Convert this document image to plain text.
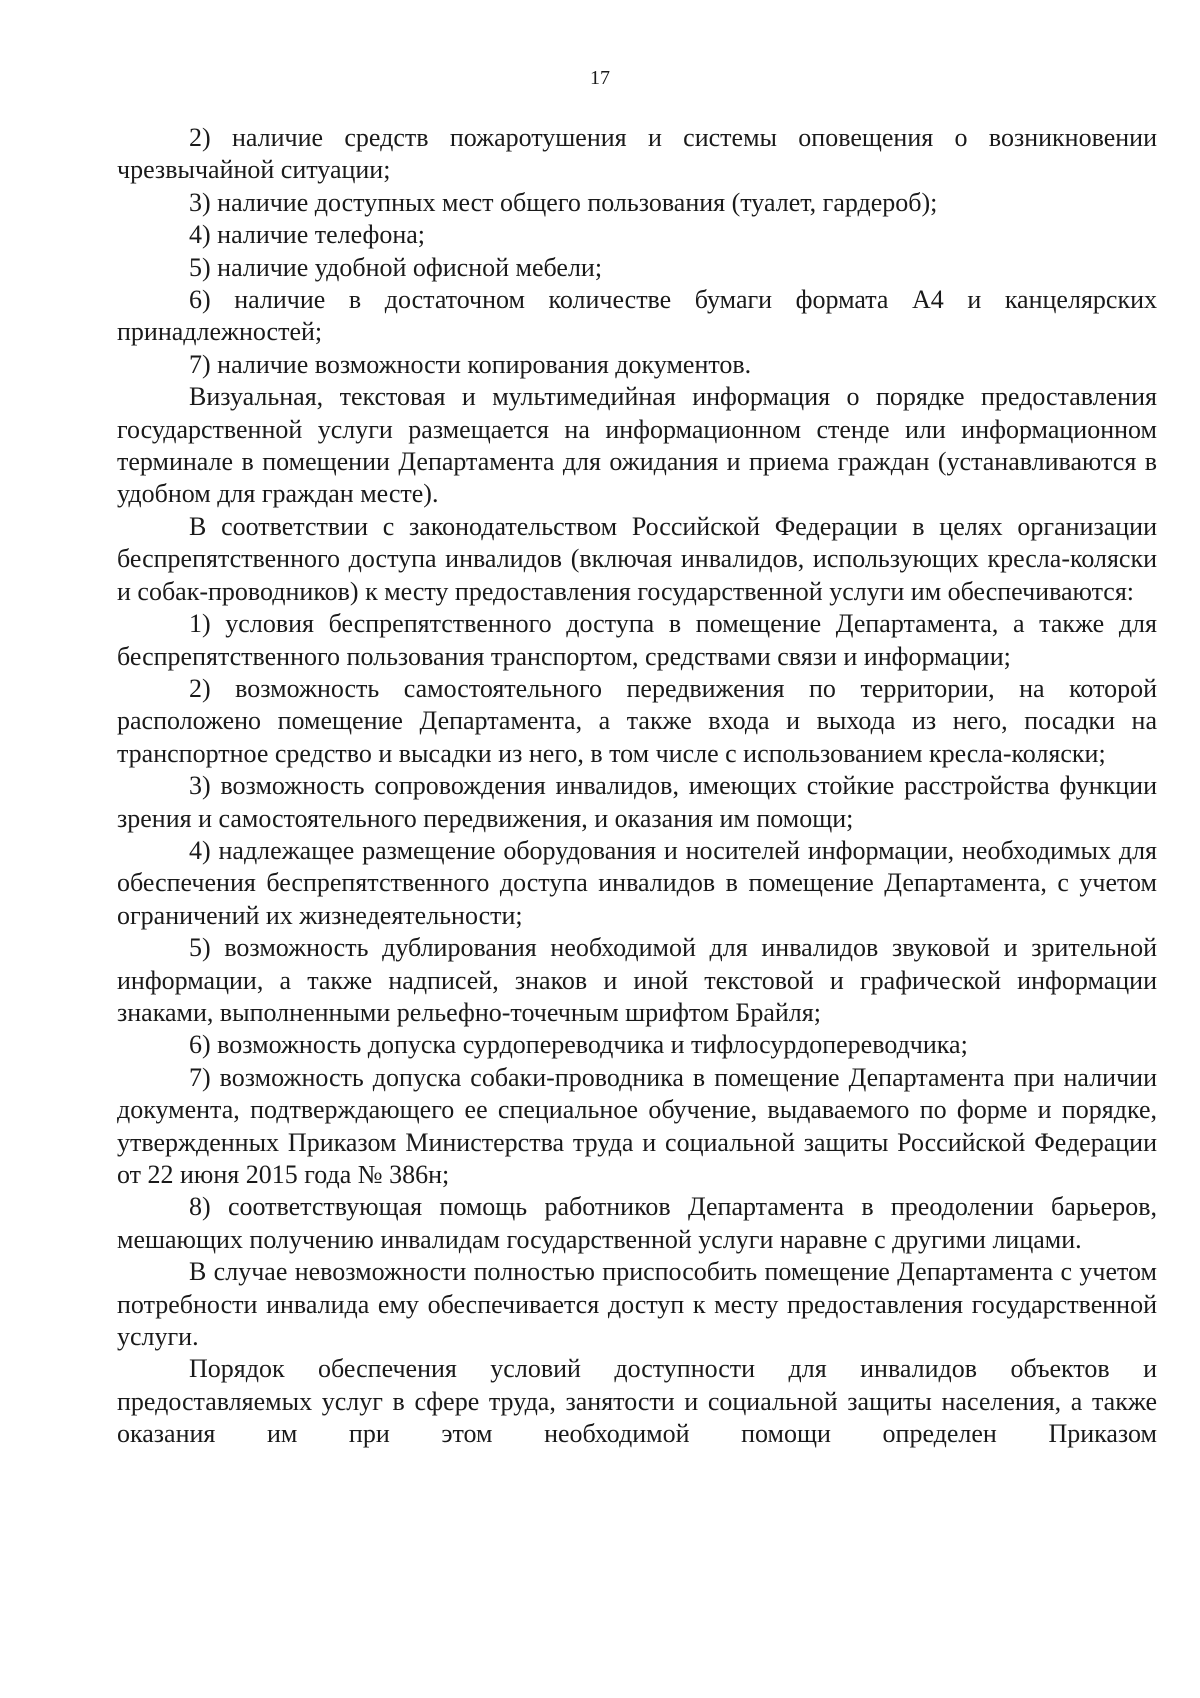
17

2) наличие средств пожаротушения и системы оповещения о возникновении чрезвычайной ситуации;

3) наличие доступных мест общего пользования (туалет, гардероб);

4) наличие телефона;

5) наличие удобной офисной мебели;

6) наличие в достаточном количестве бумаги формата А4 и канцелярских принадлежностей;

7) наличие возможности копирования документов.

Визуальная, текстовая и мультимедийная информация о порядке предоставления государственной услуги размещается на информационном стенде или информационном терминале в помещении Департамента для ожидания и приема граждан (устанавливаются в удобном для граждан месте).

В соответствии с законодательством Российской Федерации в целях организации беспрепятственного доступа инвалидов (включая инвалидов, использующих кресла-коляски и собак-проводников) к месту предоставления государственной услуги им обеспечиваются:

1) условия беспрепятственного доступа в помещение Департамента, а также для беспрепятственного пользования транспортом, средствами связи и информации;

2) возможность самостоятельного передвижения по территории, на которой расположено помещение Департамента, а также входа и выхода из него, посадки на транспортное средство и высадки из него, в том числе с использованием кресла-коляски;

3) возможность сопровождения инвалидов, имеющих стойкие расстройства функции зрения и самостоятельного передвижения, и оказания им помощи;

4) надлежащее размещение оборудования и носителей информации, необходимых для обеспечения беспрепятственного доступа инвалидов в помещение Департамента, с учетом ограничений их жизнедеятельности;

5) возможность дублирования необходимой для инвалидов звуковой и зрительной информации, а также надписей, знаков и иной текстовой и графической информации знаками, выполненными рельефно-точечным шрифтом Брайля;

6) возможность допуска сурдопереводчика и тифлосурдопереводчика;

7) возможность допуска собаки-проводника в помещение Департамента при наличии документа, подтверждающего ее специальное обучение, выдаваемого по форме и порядке, утвержденных Приказом Министерства труда и социальной защиты Российской Федерации от 22 июня 2015 года № 386н;

8) соответствующая помощь работников Департамента в преодолении барьеров, мешающих получению инвалидам государственной услуги наравне с другими лицами.

В случае невозможности полностью приспособить помещение Департамента с учетом потребности инвалида ему обеспечивается доступ к месту предоставления государственной услуги.

Порядок обеспечения условий доступности для инвалидов объектов и предоставляемых услуг в сфере труда, занятости и социальной защиты населения, а также оказания им при этом необходимой помощи определен Приказом
